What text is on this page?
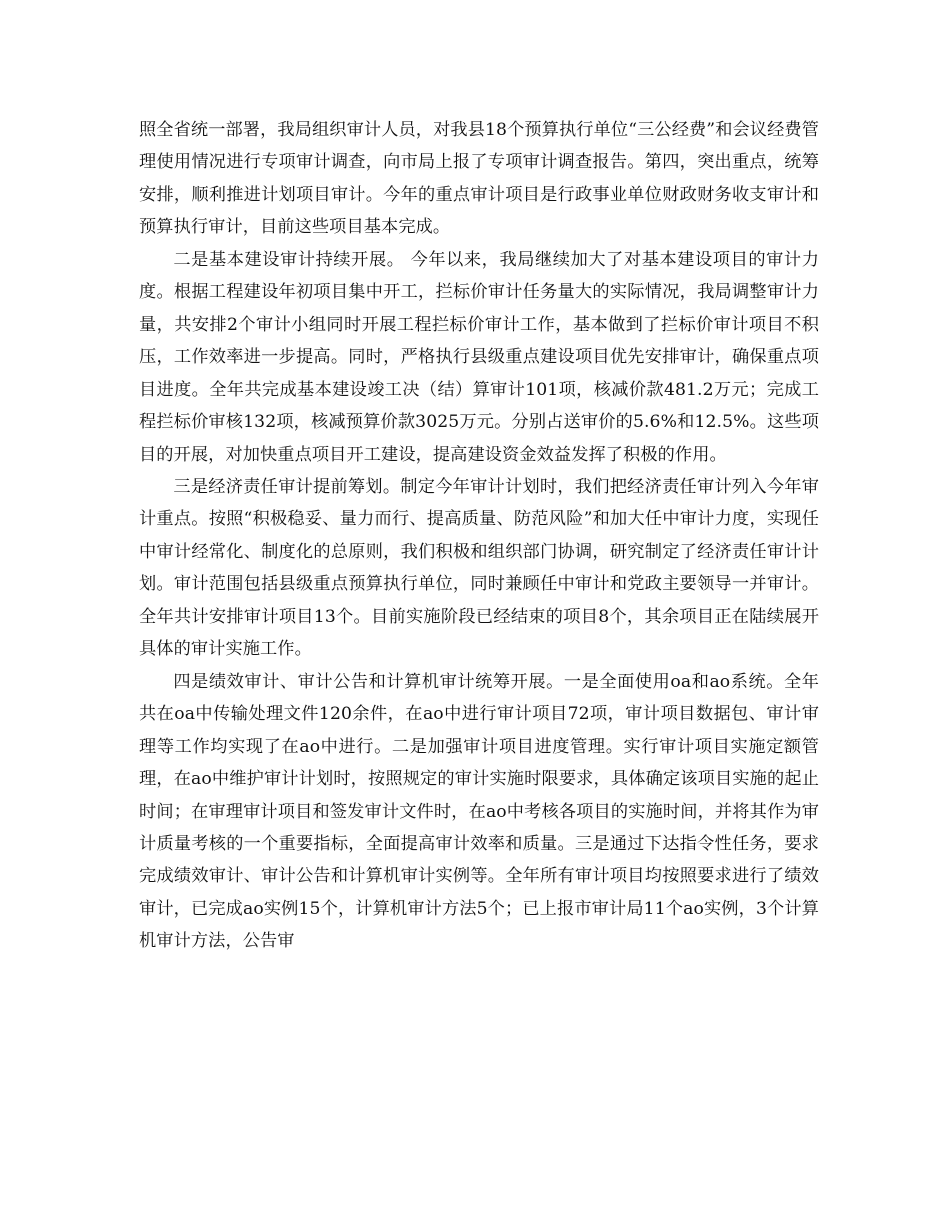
照全省统一部署，我局组织审计人员，对我县18个预算执行单位“三公经费”和会议经费管理使用情况进行专项审计调查，向市局上报了专项审计调查报告。第四，突出重点，统筹安排，顺利推进计划项目审计。今年的重点审计项目是行政事业单位财政财务收支审计和预算执行审计，目前这些项目基本完成。

二是基本建设审计持续开展。 今年以来，我局继续加大了对基本建设项目的审计力度。根据工程建设年初项目集中开工，拦标价审计任务量大的实际情况，我局调整审计力量，共安排2个审计小组同时开展工程拦标价审计工作，基本做到了拦标价审计项目不积压，工作效率进一步提高。同时，严格执行县级重点建设项目优先安排审计，确保重点项目进度。全年共完成基本建设竣工决（结）算审计101项，核减价款481.2万元；完成工程拦标价审核132项，核减预算价款3025万元。分别占送审价的5.6%和12.5%。这些项目的开展，对加快重点项目开工建设，提高建设资金效益发挥了积极的作用。

三是经济责任审计提前筹划。制定今年审计计划时，我们把经济责任审计列入今年审计重点。按照“积极稳妥、量力而行、提高质量、防范风险”和加大任中审计力度，实现任中审计经常化、制度化的总原则，我们积极和组织部门协调，研究制定了经济责任审计计划。审计范围包括县级重点预算执行单位，同时兼顾任中审计和党政主要领导一并审计。全年共计安排审计项目13个。目前实施阶段已经结束的项目8个，其余项目正在陆续展开具体的审计实施工作。

四是绩效审计、审计公告和计算机审计统筹开展。一是全面使用oa和ao系统。全年共在oa中传输处理文件120余件，在ao中进行审计项目72项，审计项目数据包、审计审理等工作均实现了在ao中进行。二是加强审计项目进度管理。实行审计项目实施定额管理，在ao中维护审计计划时，按照规定的审计实施时限要求，具体确定该项目实施的起止时间；在审理审计项目和签发审计文件时，在ao中考核各项目的实施时间，并将其作为审计质量考核的一个重要指标，全面提高审计效率和质量。三是通过下达指令性任务，要求完成绩效审计、审计公告和计算机审计实例等。全年所有审计项目均按照要求进行了绩效审计，已完成ao实例15个，计算机审计方法5个；已上报市审计局11个ao实例，3个计算机审计方法，公告审
